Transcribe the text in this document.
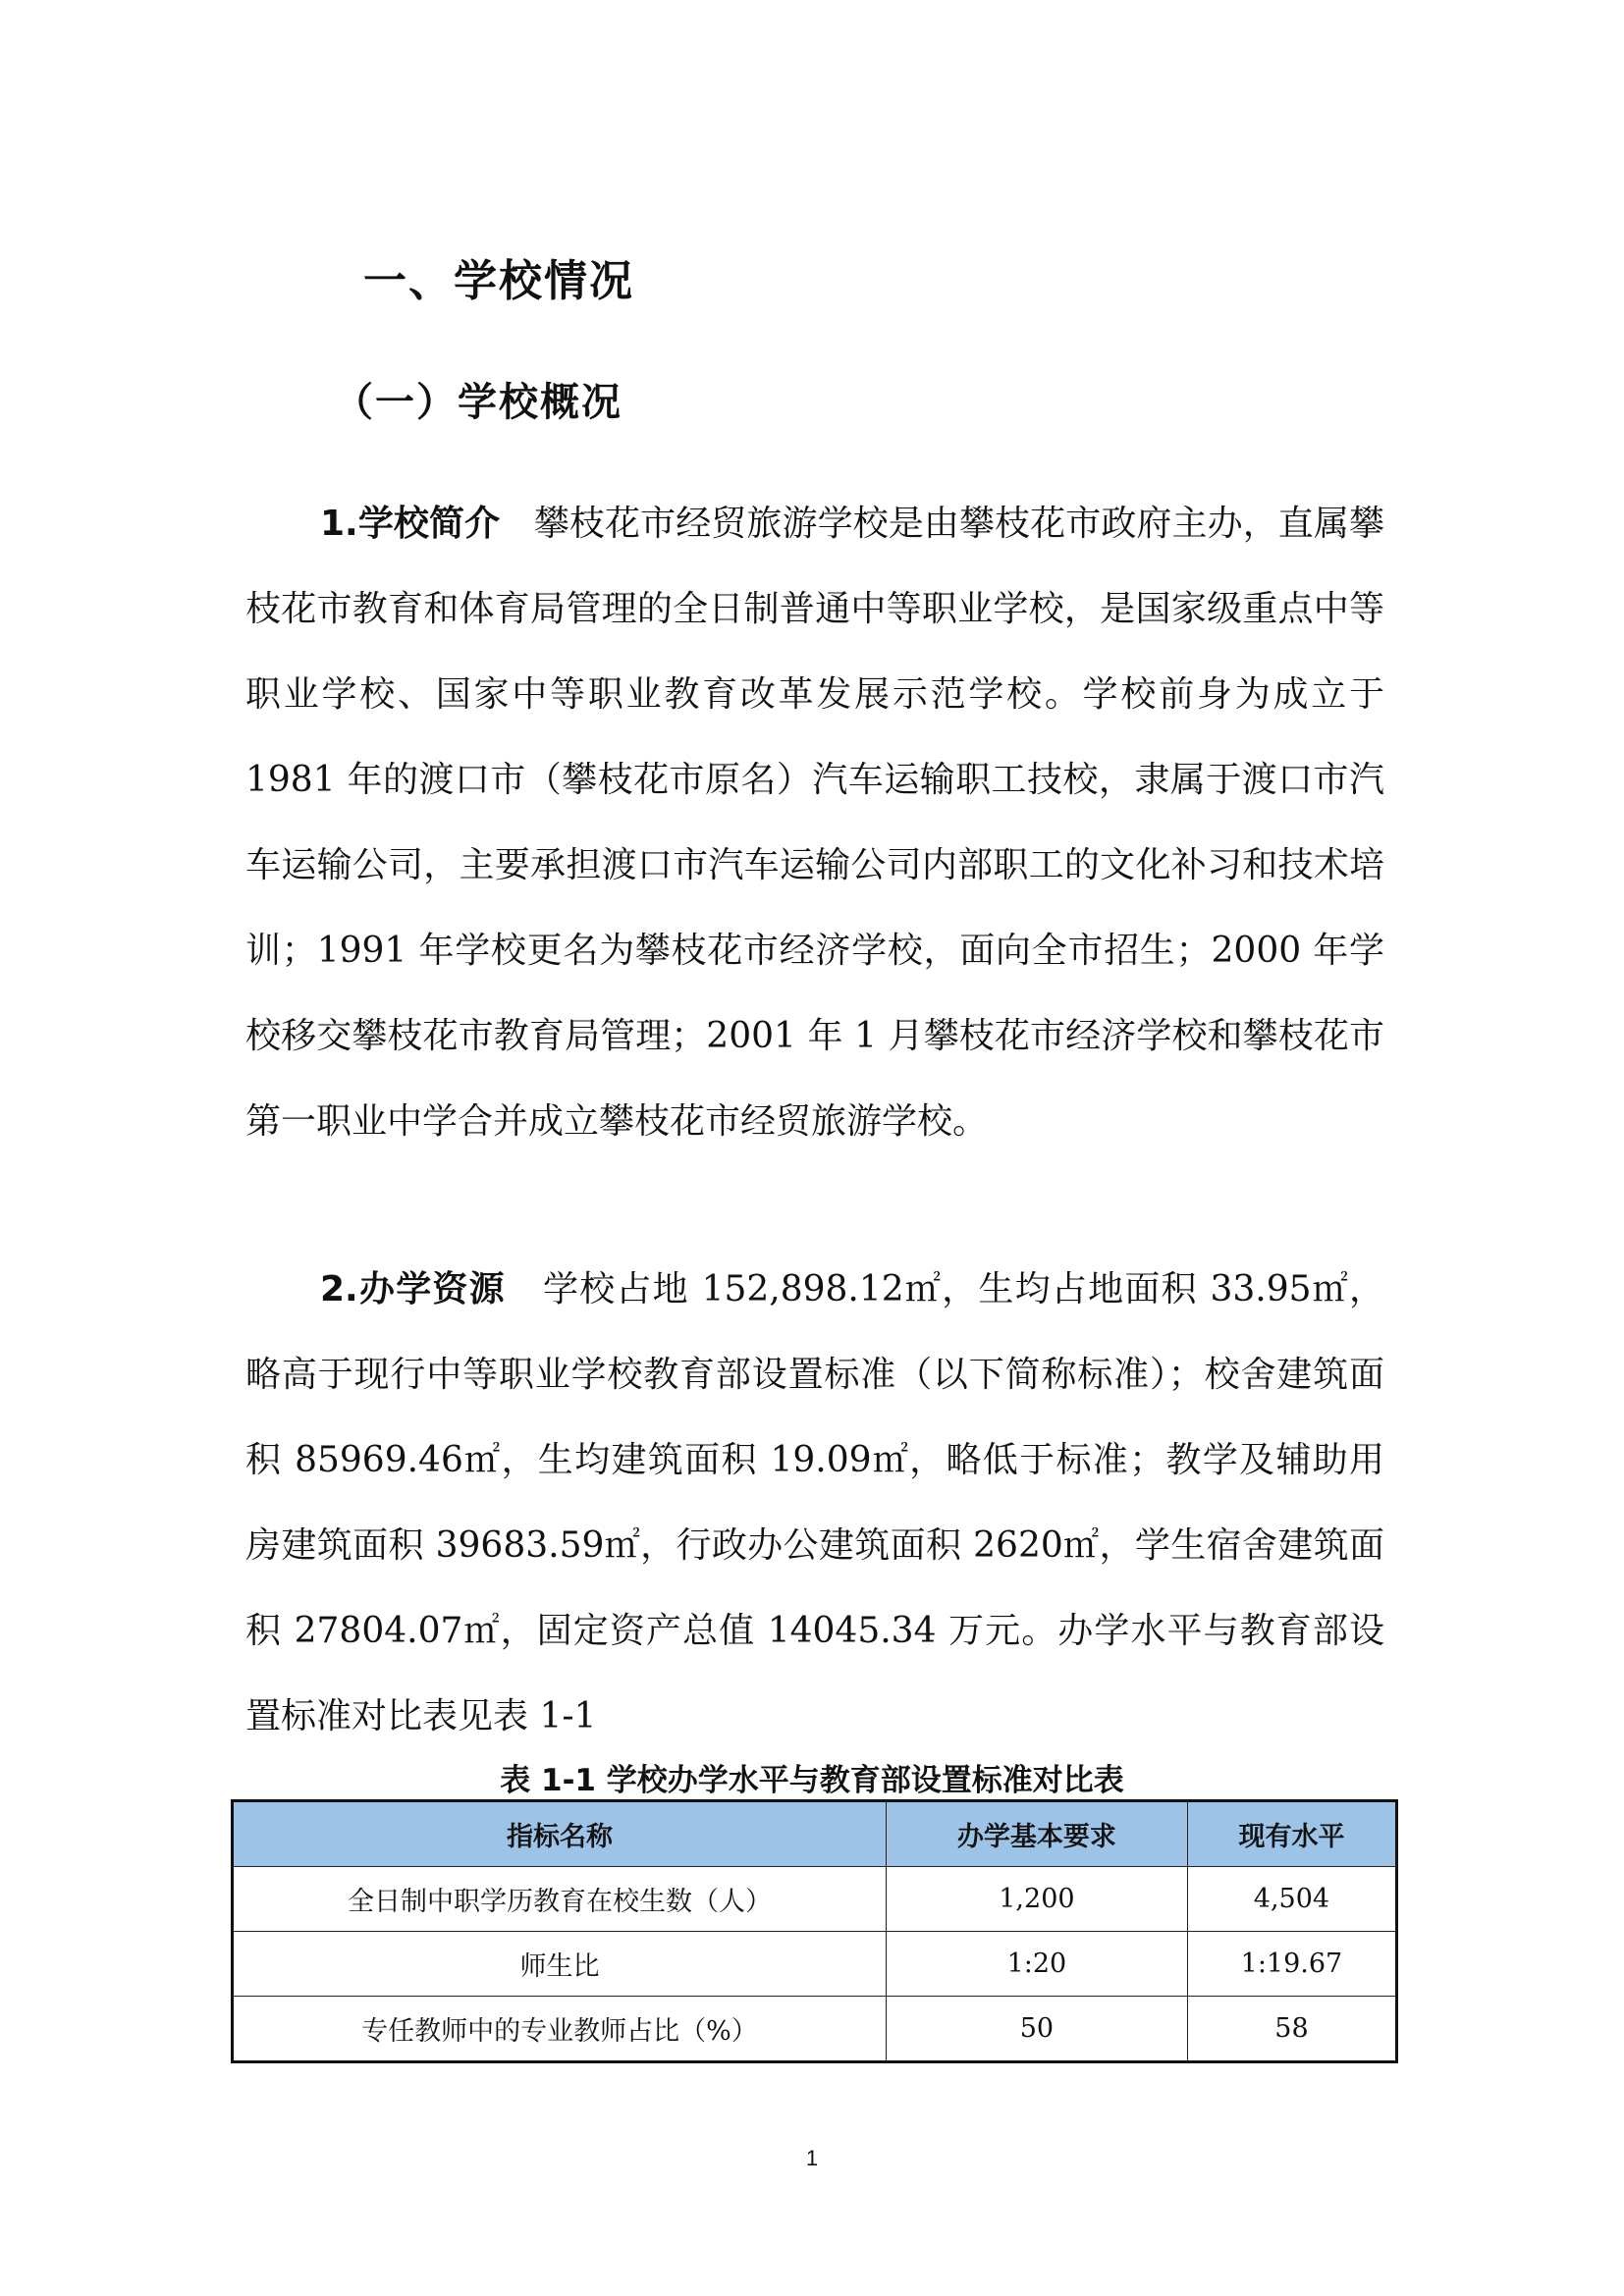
一、学校情况
（一）学校概况

1.学校简介 攀枝花市经贸旅游学校是由攀枝花市政府主办，直属攀枝花市教育和体育局管理的全日制普通中等职业学校，是国家级重点中等职业学校、国家中等职业教育改革发展示范学校。学校前身为成立于 1981 年的渡口市（攀枝花市原名）汽车运输职工技校，隶属于渡口市汽车运输公司，主要承担渡口市汽车运输公司内部职工的文化补习和技术培训；1991 年学校更名为攀枝花市经济学校，面向全市招生；2000 年学校移交攀枝花市教育局管理；2001 年 1 月攀枝花市经济学校和攀枝花市第一职业中学合并成立攀枝花市经贸旅游学校。

2.办学资源 学校占地 152,898.12㎡，生均占地面积 33.95㎡，略高于现行中等职业学校教育部设置标准（以下简称标准）；校舍建筑面积 85969.46㎡，生均建筑面积 19.09㎡，略低于标准；教学及辅助用房建筑面积 39683.59㎡，行政办公建筑面积 2620㎡，学生宿舍建筑面积 27804.07㎡，固定资产总值 14045.34 万元。办学水平与教育部设置标准对比表见表 1-1

表 1-1 学校办学水平与教育部设置标准对比表
指标名称	办学基本要求	现有水平
全日制中职学历教育在校生数（人）	1,200	4,504
师生比	1:20	1:19.67
专任教师中的专业教师占比（%）	50	58
1
